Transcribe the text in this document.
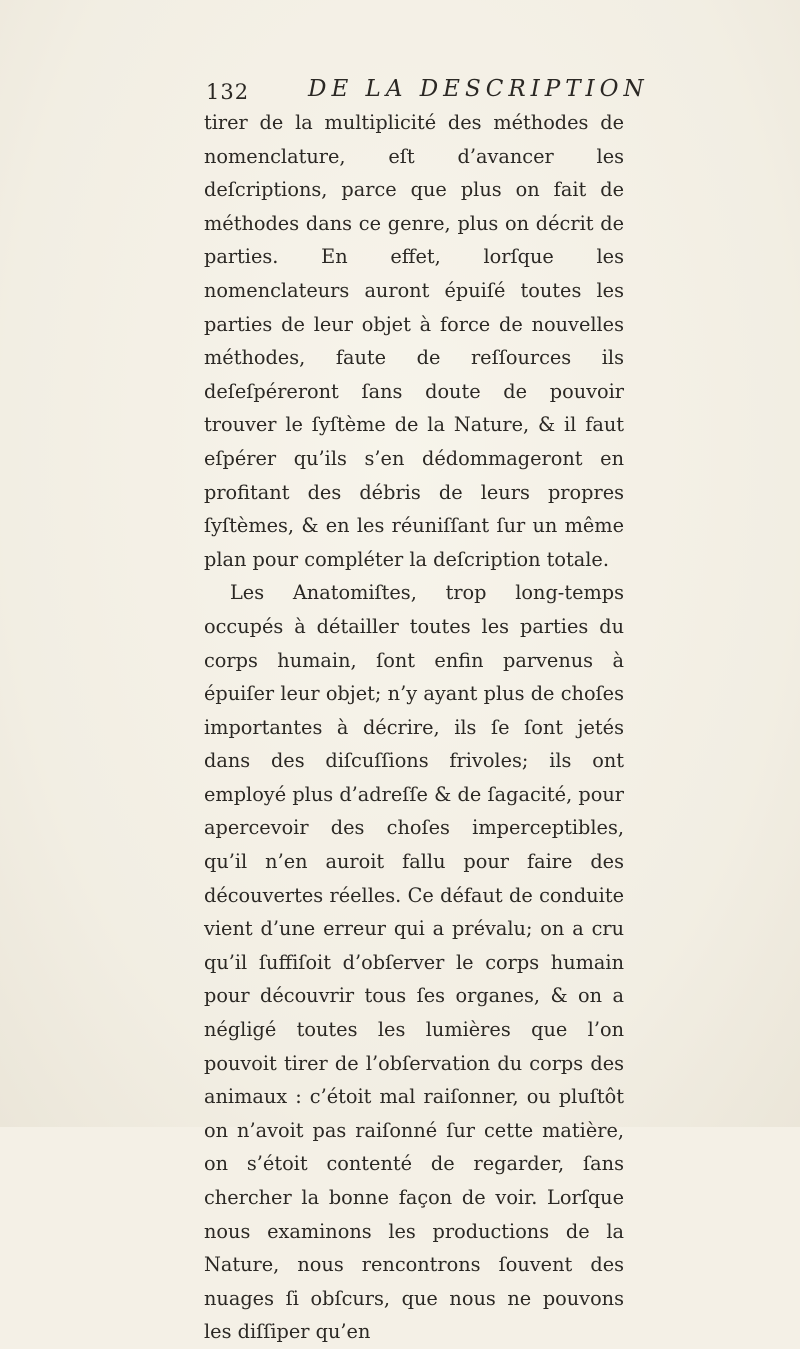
132	DE LA DESCRIPTION

tirer de la multiplicité des méthodes de nomenclature, eſt d’avancer les deſcriptions, parce que plus on fait de méthodes dans ce genre, plus on décrit de parties. En effet, lorſque les nomenclateurs auront épuiſé toutes les parties de leur objet à force de nouvelles méthodes, faute de reſſources ils deſeſpéreront ſans doute de pouvoir trouver le ſyſtème de la Nature, & il faut eſpérer qu’ils s’en dédommageront en profitant des débris de leurs propres ſyſtèmes, & en les réuniſſant ſur un même plan pour compléter la deſcription totale.

Les Anatomiſtes, trop long-temps occupés à détailler toutes les parties du corps humain, ſont enfin parvenus à épuiſer leur objet; n’y ayant plus de choſes importantes à décrire, ils ſe ſont jetés dans des diſcuſſions frivoles; ils ont employé plus d’adreſſe & de ſagacité, pour apercevoir des choſes imperceptibles, qu’il n’en auroit fallu pour faire des découvertes réelles. Ce défaut de conduite vient d’une erreur qui a prévalu; on a cru qu’il ſuffiſoit d’obſerver le corps humain pour découvrir tous ſes organes, & on a négligé toutes les lumières que l’on pouvoit tirer de l’obſervation du corps des animaux : c’étoit mal raiſonner, ou pluſtôt on n’avoit pas raiſonné ſur cette matière, on s’étoit contenté de regarder, ſans chercher la bonne façon de voir. Lorſque nous examinons les productions de la Nature, nous rencontrons ſouvent des nuages ſi obſcurs, que nous ne pouvons les diſſiper qu’en
